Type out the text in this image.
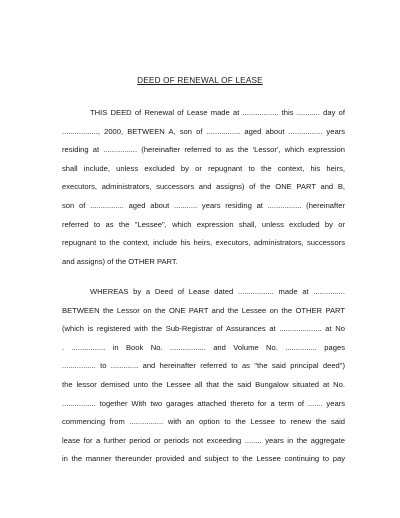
DEED OF RENEWAL OF LEASE
THIS DEED of Renewal of Lease made at ................. this ........... day of
................., 2000, BETWEEN A, son of ................ aged about ................ years
residing at ................ (hereinafter referred to as the 'Lessor', which expression
shall include, unless excluded by or repugnant to the context, his heirs,
executors, administrators, successors and assigns) of the ONE PART and B,
son of ................ aged about ........... years residing at ................ (hereinafter
referred to as the "Lessee", which expression shall, unless excluded by or
repugnant to the context, include his heirs, executors, administrators, successors
and assigns) of the OTHER PART.
WHEREAS by a Deed of Lease dated ................. made at ...............
BETWEEN the Lessor on the ONE PART and the Lessee on the OTHER PART
(which is registered with the Sub-Registrar of Assurances at .................... at No
. ................ in Book No. ................. and Volume No. ............... pages
................ to ............. and hereinafter referred to as "the said principal deed")
the lessor demised unto the Lessee all that the said Bungalow situated at No.
................ together With two garages attached thereto for a term of ....... years
commencing from ................ with an option to the Lessee to renew the said
lease for a further period or periods not exceeding ........ years in the aggregate
in the manner thereunder provided and subject to the Lessee continuing to pay
